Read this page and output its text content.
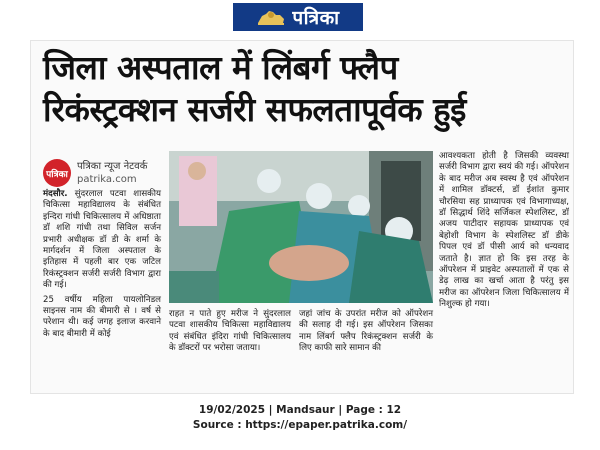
पत्रिका
जिला अस्पताल में लिंबर्ग फ्लैप
रिकंस्ट्रक्शन सर्जरी सफलतापूर्वक हुई
पत्रिका
पत्रिका न्यूज नेटवर्क
patrika.com

मंदसौर. सुंदरलाल पटवा शासकीय चिकित्सा महाविद्यालय के संबंधित इन्दिरा गांधी चिकित्सालय में अधिष्ठाता डॉ शशि गांधी तथा सिविल सर्जन प्रभारी अधीक्षक डॉ डी के शर्मा के मार्गदर्शन में जिला अस्पताल के इतिहास में पहली बार एक जटिल रिकंस्ट्रक्शन सर्जरी सर्जरी विभाग द्वारा की गई।

25 वर्षीय महिला पायलोनिडल साइनस नाम की बीमारी से । वर्ष से परेशान थी। कई जगह इलाज करवाने के बाद बीमारी में कोई

राहत न पाते हुए मरीज ने सुंदरलाल पटवा शासकीय चिकित्सा महाविद्यालय एवं संबंधित इंदिरा गांधी चिकित्सालय के डॉक्टरों पर भरोसा जताया।

जहां जांच के उपरांत मरीज को ऑपरेशन की सलाह दी गई। इस ऑपरेशन जिसका नाम लिंबर्ग फ्लैप रिकंस्ट्रक्शन सर्जरी के लिए काफी सारे सामान की

आवश्यकता होती है जिसकी व्यवस्था सर्जरी विभाग द्वारा स्वयं की गई। ऑपरेशन के बाद मरीज अब स्वस्थ है एवं ऑपरेशन में शामिल डॉक्टर्स, डॉ ईशांत कुमार चौरसिया सह प्राध्यापक एवं विभागाध्यक्ष, डॉ सिद्धार्थ शिंदे सर्जिकल स्पेशलिस्ट, डॉ अजय पाटीदार सहायक प्राध्यापक एवं बेहोशी विभाग के स्पेशलिस्ट डॉ डीके पिपल एवं डॉ पीसी आर्य को धन्यवाद जताते है। ज्ञात हो कि इस तरह के ऑपरेशन में प्राइवेट अस्पतालों में एक से डेढ़ लाख का खर्चा आता है परंतु इस मरीज का ऑपरेशन जिला चिकित्सालय में निशुल्क हो गया।

19/02/2025 | Mandsaur | Page : 12
Source : https://epaper.patrika.com/
